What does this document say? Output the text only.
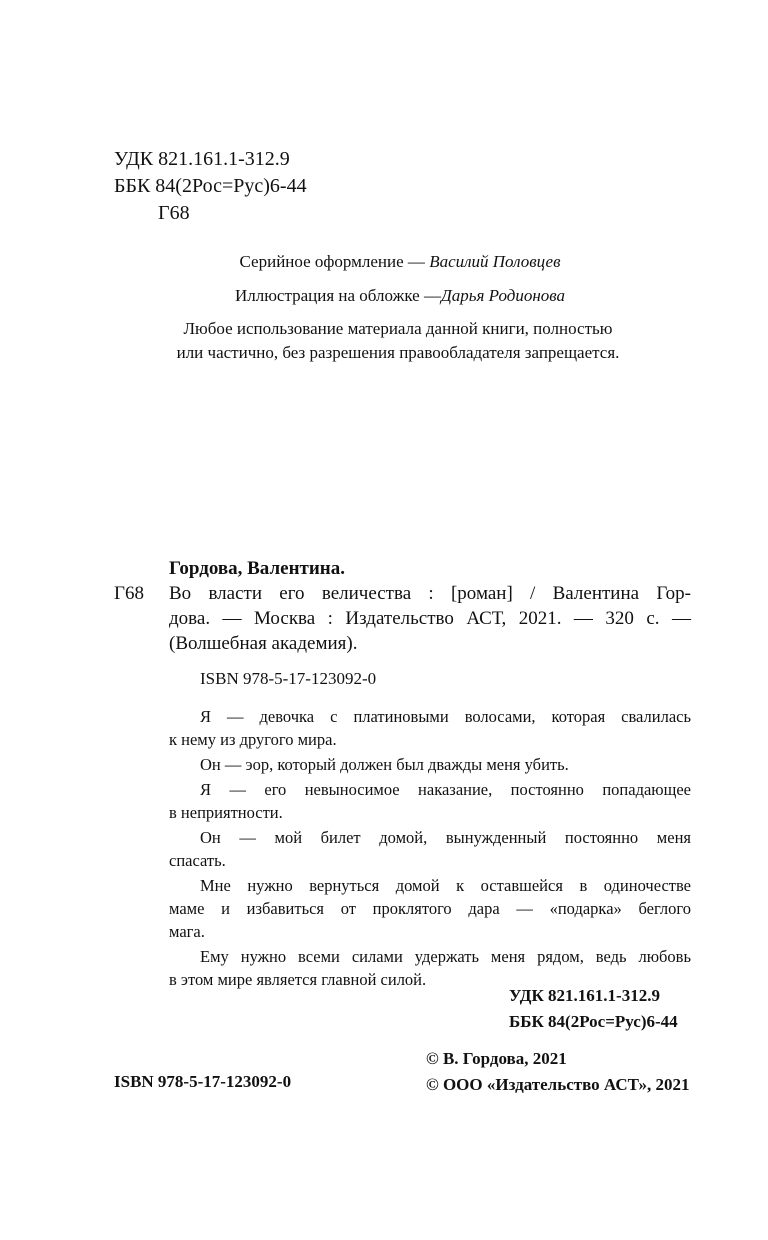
УДК 821.161.1-312.9
ББК 84(2Рос=Рус)6-44
Г68
Серийное оформление — Василий Половцев
Иллюстрация на обложке —Дарья Родионова
Любое использование материала данной книги, полностью
или частично, без разрешения правообладателя запрещается.
Гордова, Валентина.
Г68 Во власти его величества : [роман] / Валентина Гор-
дова. — Москва : Издательство АСТ, 2021. — 320 с. —
(Волшебная академия).
ISBN 978-5-17-123092-0
Я — девочка с платиновыми волосами, которая свалилась
к нему из другого мира.
Он — эор, который должен был дважды меня убить.
Я — его невыносимое наказание, постоянно попадающее
в неприятности.
Он — мой билет домой, вынужденный постоянно меня
спасать.
Мне нужно вернуться домой к оставшейся в одиночестве
маме и избавиться от проклятого дара — «подарка» беглого
мага.
Ему нужно всеми силами удержать меня рядом, ведь любовь
в этом мире является главной силой.
УДК 821.161.1-312.9
ББК 84(2Рос=Рус)6-44
© В. Гордова, 2021
© ООО «Издательство АСТ», 2021
ISBN 978-5-17-123092-0
